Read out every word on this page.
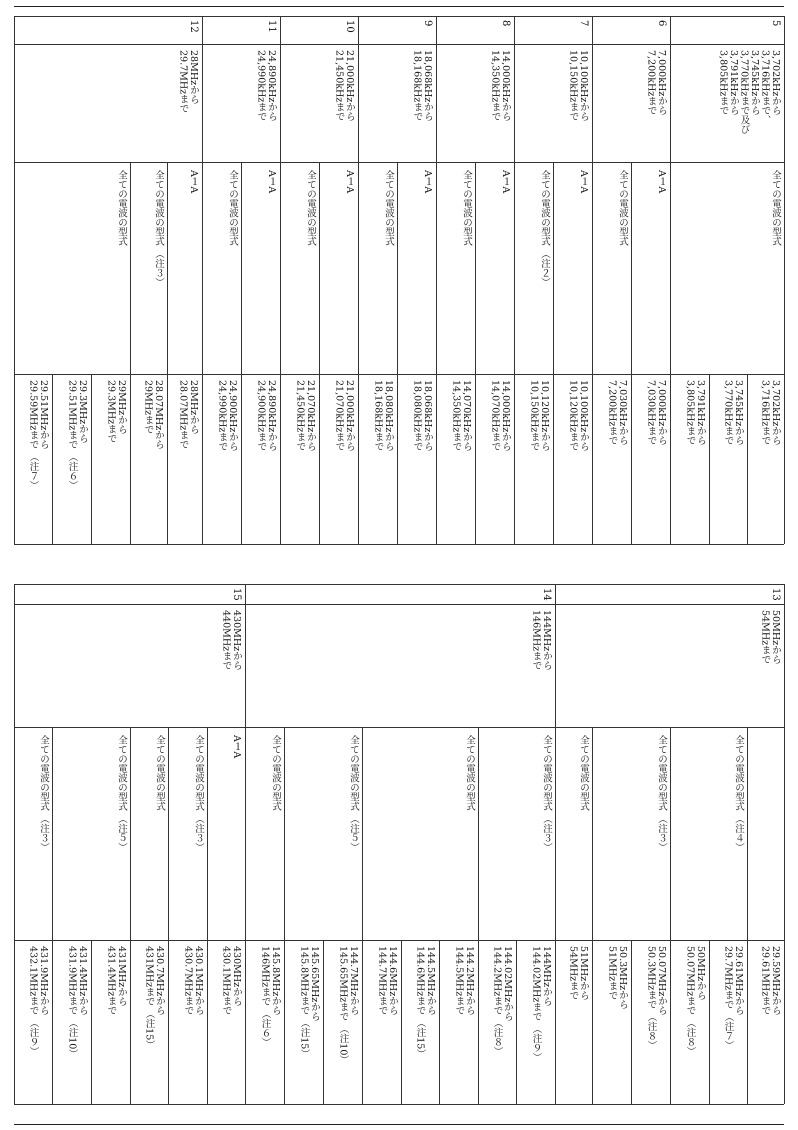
5
3,702kHzから
3,716kHzまで、
3,745kHzから
3,770kHzまで及び
3,791kHzから
3,805kHzまで
全ての電波の型式
3,702kHzから
3,716kHzまで
3,745kHzから
3,770kHzまで
3,791kHzから
3,805kHzまで
6
7,000kHzから
7,200kHzまで
A１A
7,000kHzから
7,030kHzまで
全ての電波の型式
7,030kHzから
7,200kHzまで
7
10,100kHzから
10,150kHzまで
A１A
10,100kHzから
10,120kHzまで
全ての電波の型式 （注２）
10,120kHzから
10,150kHzまで
8
14,000kHzから
14,350kHzまで
A１A
14,000kHzから
14,070kHzまで
全ての電波の型式
14,070kHzから
14,350kHzまで
9
18,068kHzから
18,168kHzまで
A１A
18,068kHzから
18,080kHzまで
全ての電波の型式
18,080kHzから
18,168kHzまで
10
21,000kHzから
21,450kHzまで
A１A
21,000kHzから
21,070kHzまで
全ての電波の型式
21,070kHzから
21,450kHzまで
11
24,890kHzから
24,990kHzまで
A１A
24,890kHzから
24,900kHzまで
全ての電波の型式
24,900kHzから
24,990kHzまで
12
28MHzから
29.7MHzまで
A１A
28MHzから
28.07MHzまで
全ての電波の型式 （注３）
28.07MHzから
29MHzまで
全ての電波の型式
29MHzから
29.3MHzまで
29.3MHzから
29.51MHzまで （注６）
29.51MHzから
29.59MHzまで （注７）
13
50MHzから
54MHzまで
29.59MHzから
29.61MHzまで
全ての電波の型式 （注４）
29.61MHzから
29.7MHzまで （注７）
50MHzから
50.07MHzまで （注８）
全ての電波の型式 （注３）
50.07MHzから
50.3MHzまで （注８）
50.3MHzから
51MHzまで
全ての電波の型式
51MHzから
54MHzまで
14
144MHzから
146MHzまで
全ての電波の型式 （注３）
144MHzから
144.02MHzまで （注９）
144.02MHzから
144.2MHzまで （注８）
全ての電波の型式
144.2MHzから
144.5MHzまで
144.5MHzから
144.6MHzまで （注15）
144.6MHzから
144.7MHzまで
全ての電波の型式 （注５）
144.7MHzから
145.65MHzまで （注10）
145.65MHzから
145.8MHzまで （注15）
全ての電波の型式
145.8MHzから
146MHzまで （注６）
15
430MHzから
440MHzまで
A１A
430MHzから
430.1MHzまで
全ての電波の型式 （注３）
430.1MHzから
430.7MHzまで
全ての電波の型式
430.7MHzから
431MHzまで （注15）
全ての電波の型式 （注５）
431MHzから
431.4MHzまで
431.4MHzから
431.9MHzまで （注10）
全ての電波の型式 （注３）
431.9MHzから
432.1MHzまで （注９）
